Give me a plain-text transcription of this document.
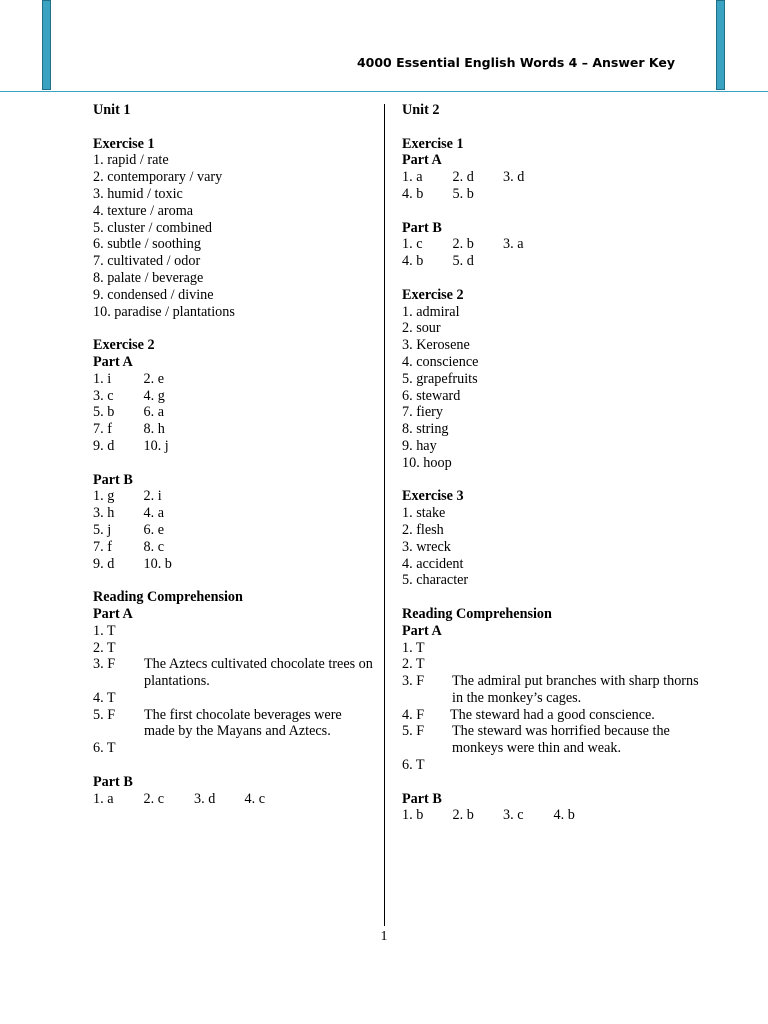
4000 Essential English Words 4 – Answer Key
Unit 1
Exercise 1
1. rapid / rate
2. contemporary / vary
3. humid / toxic
4. texture / aroma
5. cluster / combined
6. subtle / soothing
7. cultivated / odor
8. palate / beverage
9. condensed / divine
10. paradise / plantations
Exercise 2
Part A
1. i	2. e
3. c	4. g
5. b	6. a
7. f	8. h
9. d	10. j
Part B
1. g	2. i
3. h	4. a
5. j	6. e
7. f	8. c
9. d	10. b
Reading Comprehension
Part A
1. T
2. T
3. F	The Aztecs cultivated chocolate trees on plantations.
4. T
5. F	The first chocolate beverages were made by the Mayans and Aztecs.
6. T
Part B
1. a	2. c	3. d	4. c
Unit 2
Exercise 1
Part A
1. a	2. d	3. d
4. b	5. b
Part B
1. c	2. b	3. a
4. b	5. d
Exercise 2
1. admiral
2. sour
3. Kerosene
4. conscience
5. grapefruits
6. steward
7. fiery
8. string
9. hay
10. hoop
Exercise 3
1. stake
2. flesh
3. wreck
4. accident
5. character
Reading Comprehension
Part A
1. T
2. T
3. F	The admiral put branches with sharp thorns in the monkey’s cages.
4. F	The steward had a good conscience.
5. F	The steward was horrified because the monkeys were thin and weak.
6. T
Part B
1. b	2. b	3. c	4. b
1
